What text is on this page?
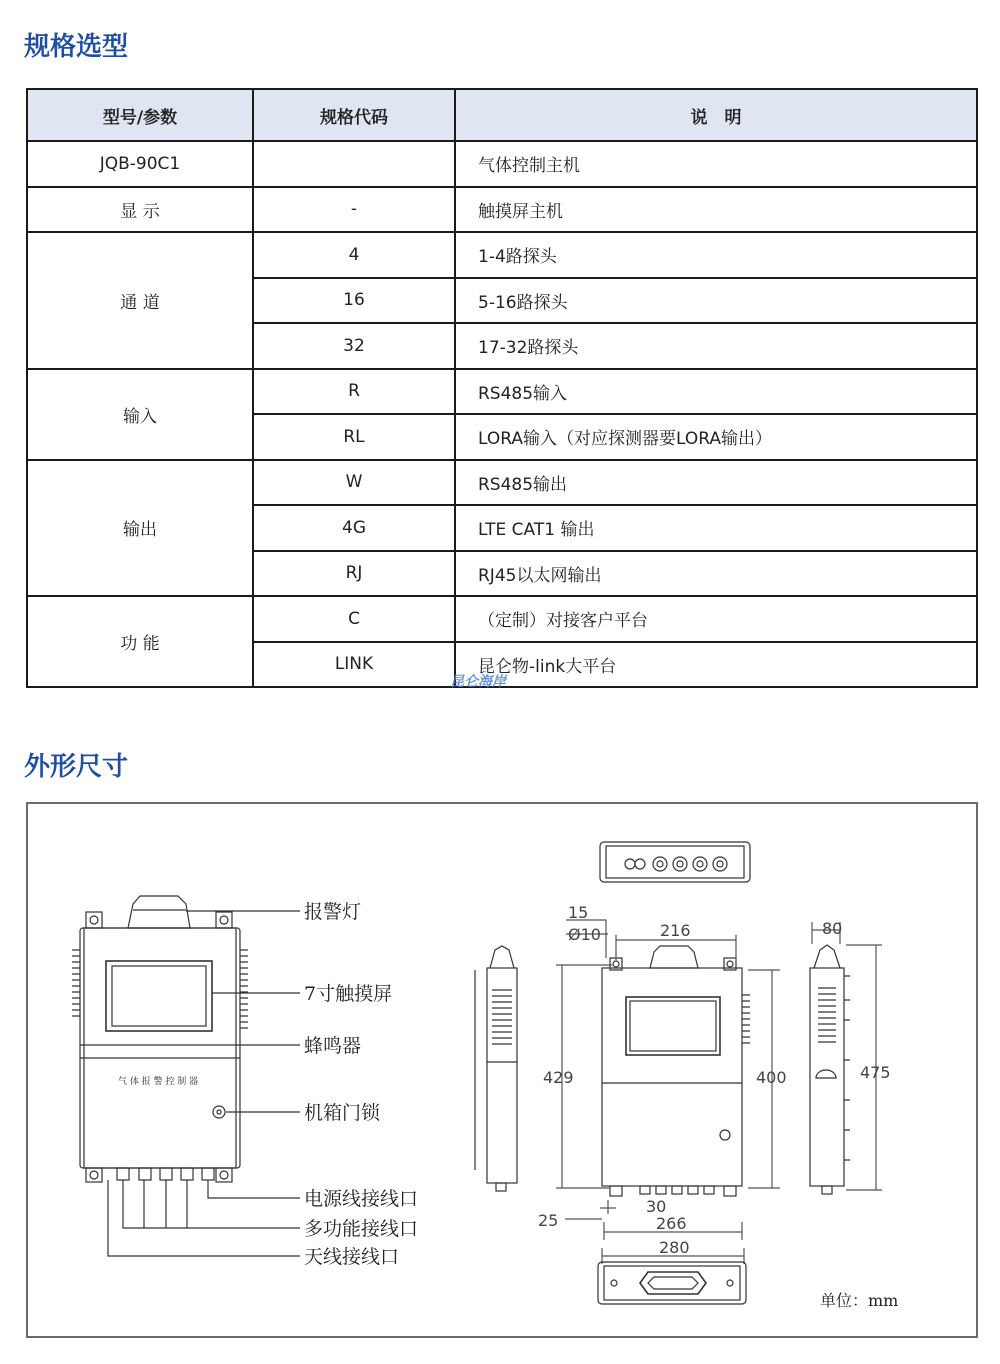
规格选型
型号/参数	规格代码	说　明
JQB-90C1		气体控制主机
显 示	-	触摸屏主机
通 道	4	1-4路探头
	16	5-16路探头
	32	17-32路探头
输入	R	RS485输入
	RL	LORA输入（对应探测器要LORA输出）
输出	W	RS485输出
	4G	LTE CAT1 输出
	RJ	RJ45以太网输出
功 能	C	（定制）对接客户平台
	LINK	昆仑物-link大平台
昆仑海岸
外形尺寸
气 体 报 警 控 制 器
报警灯
7寸触摸屏
蜂鸣器
机箱门锁
电源线接线口
多功能接线口
天线接线口
15
Ø10	216
429	400
30
25	266
80
475
280
单位：mm
